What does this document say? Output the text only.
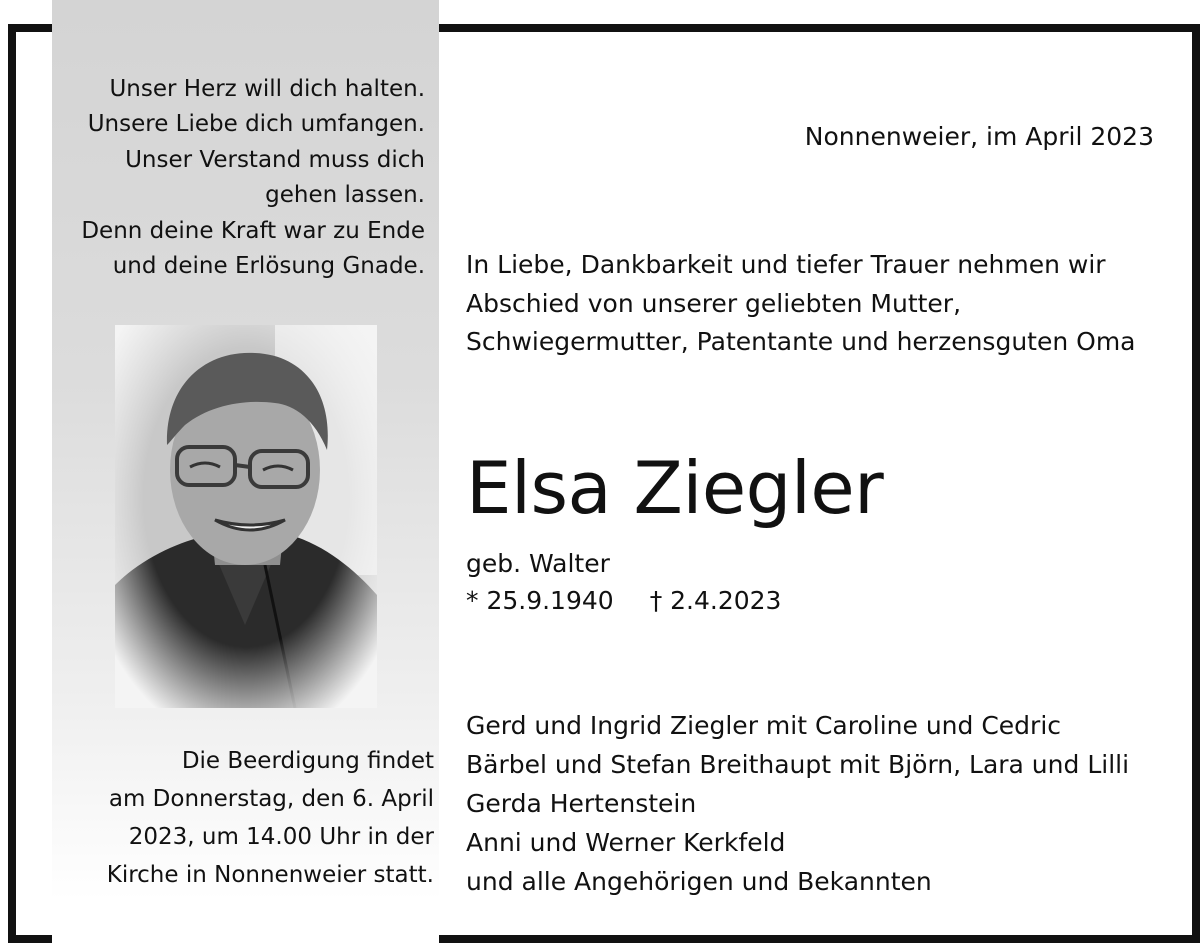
Unser Herz will dich halten.
Unsere Liebe dich umfangen.
Unser Verstand muss dich
gehen lassen.
Denn deine Kraft war zu Ende
und deine Erlösung Gnade.
Die Beerdigung findet
am Donnerstag, den 6. April
2023, um 14.00 Uhr in der
Kirche in Nonnenweier statt.
Nonnenweier, im April 2023
In Liebe, Dankbarkeit und tiefer Trauer nehmen wir
Abschied von unserer geliebten Mutter,
Schwiegermutter, Patentante und herzensguten Oma
Elsa Ziegler
geb. Walter
* 25.9.1940 † 2.4.2023
Gerd und Ingrid Ziegler mit Caroline und Cedric
Bärbel und Stefan Breithaupt mit Björn, Lara und Lilli
Gerda Hertenstein
Anni und Werner Kerkfeld
und alle Angehörigen und Bekannten
